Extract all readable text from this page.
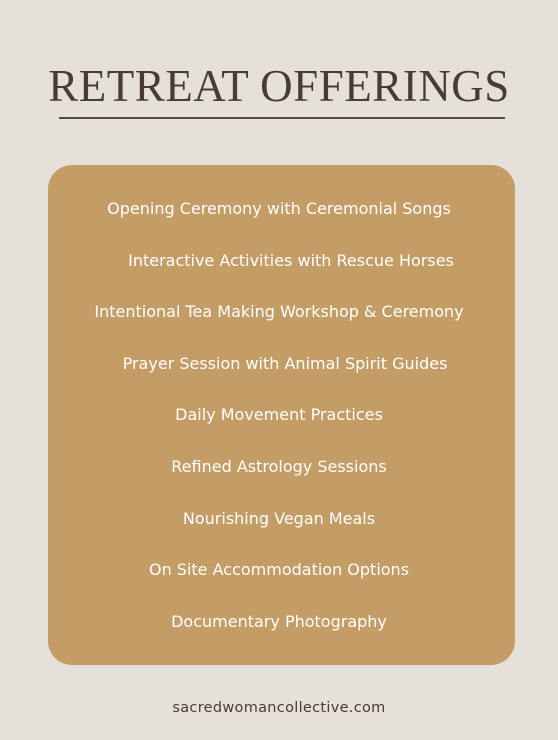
RETREAT OFFERINGS
Opening Ceremony with Ceremonial Songs
Interactive Activities with Rescue Horses
Intentional Tea Making Workshop & Ceremony
Prayer Session with Animal Spirit Guides
Daily Movement Practices
Refined Astrology Sessions
Nourishing Vegan Meals
On Site Accommodation Options
Documentary Photography
sacredwomancollective.com
